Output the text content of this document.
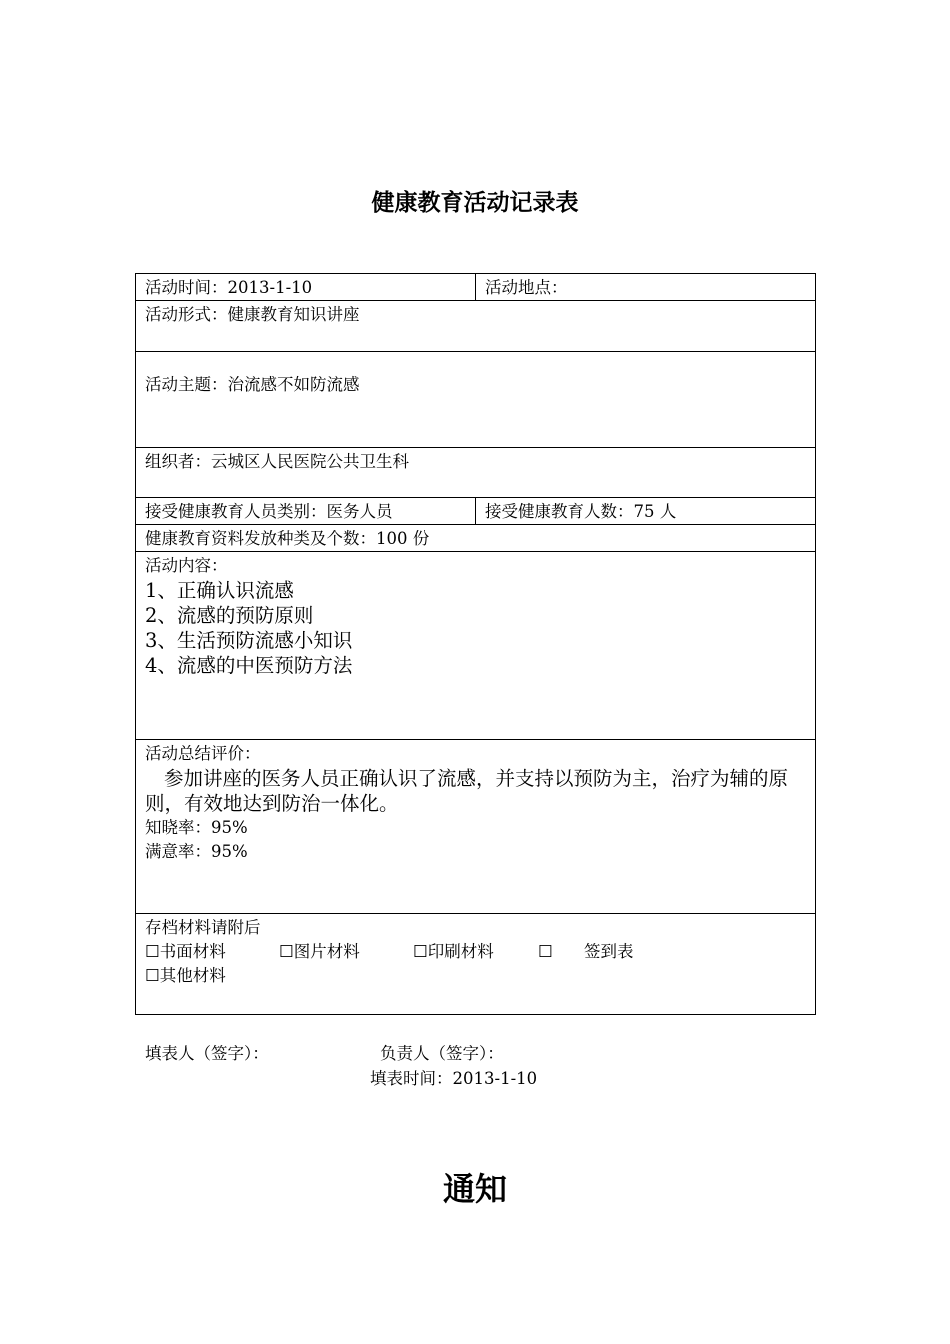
健康教育活动记录表
活动时间：2013-1-10	活动地点：
活动形式：健康教育知识讲座	
活动主题：治流感不如防流感	
组织者：云城区人民医院公共卫生科	
接受健康教育人员类别：医务人员	接受健康教育人数：75 人
健康教育资料发放种类及个数：100 份	

活动内容：
1、正确认识流感
2、流感的预防原则
3、生活预防流感小知识
4、流感的中医预防方法	

活动总结评价：
参加讲座的医务人员正确认识了流感，并支持以预防为主，治疗为辅的原则，有效地达到防治一体化。
知晓率：95%
满意率：95%	

存档材料请附后
☐书面材料 ☐图片材料 ☐印刷材料 ☐ 签到表
☐其他材料	
填表人（签字）：	负责人（签字）：
填表时间：2013-1-10
通知
